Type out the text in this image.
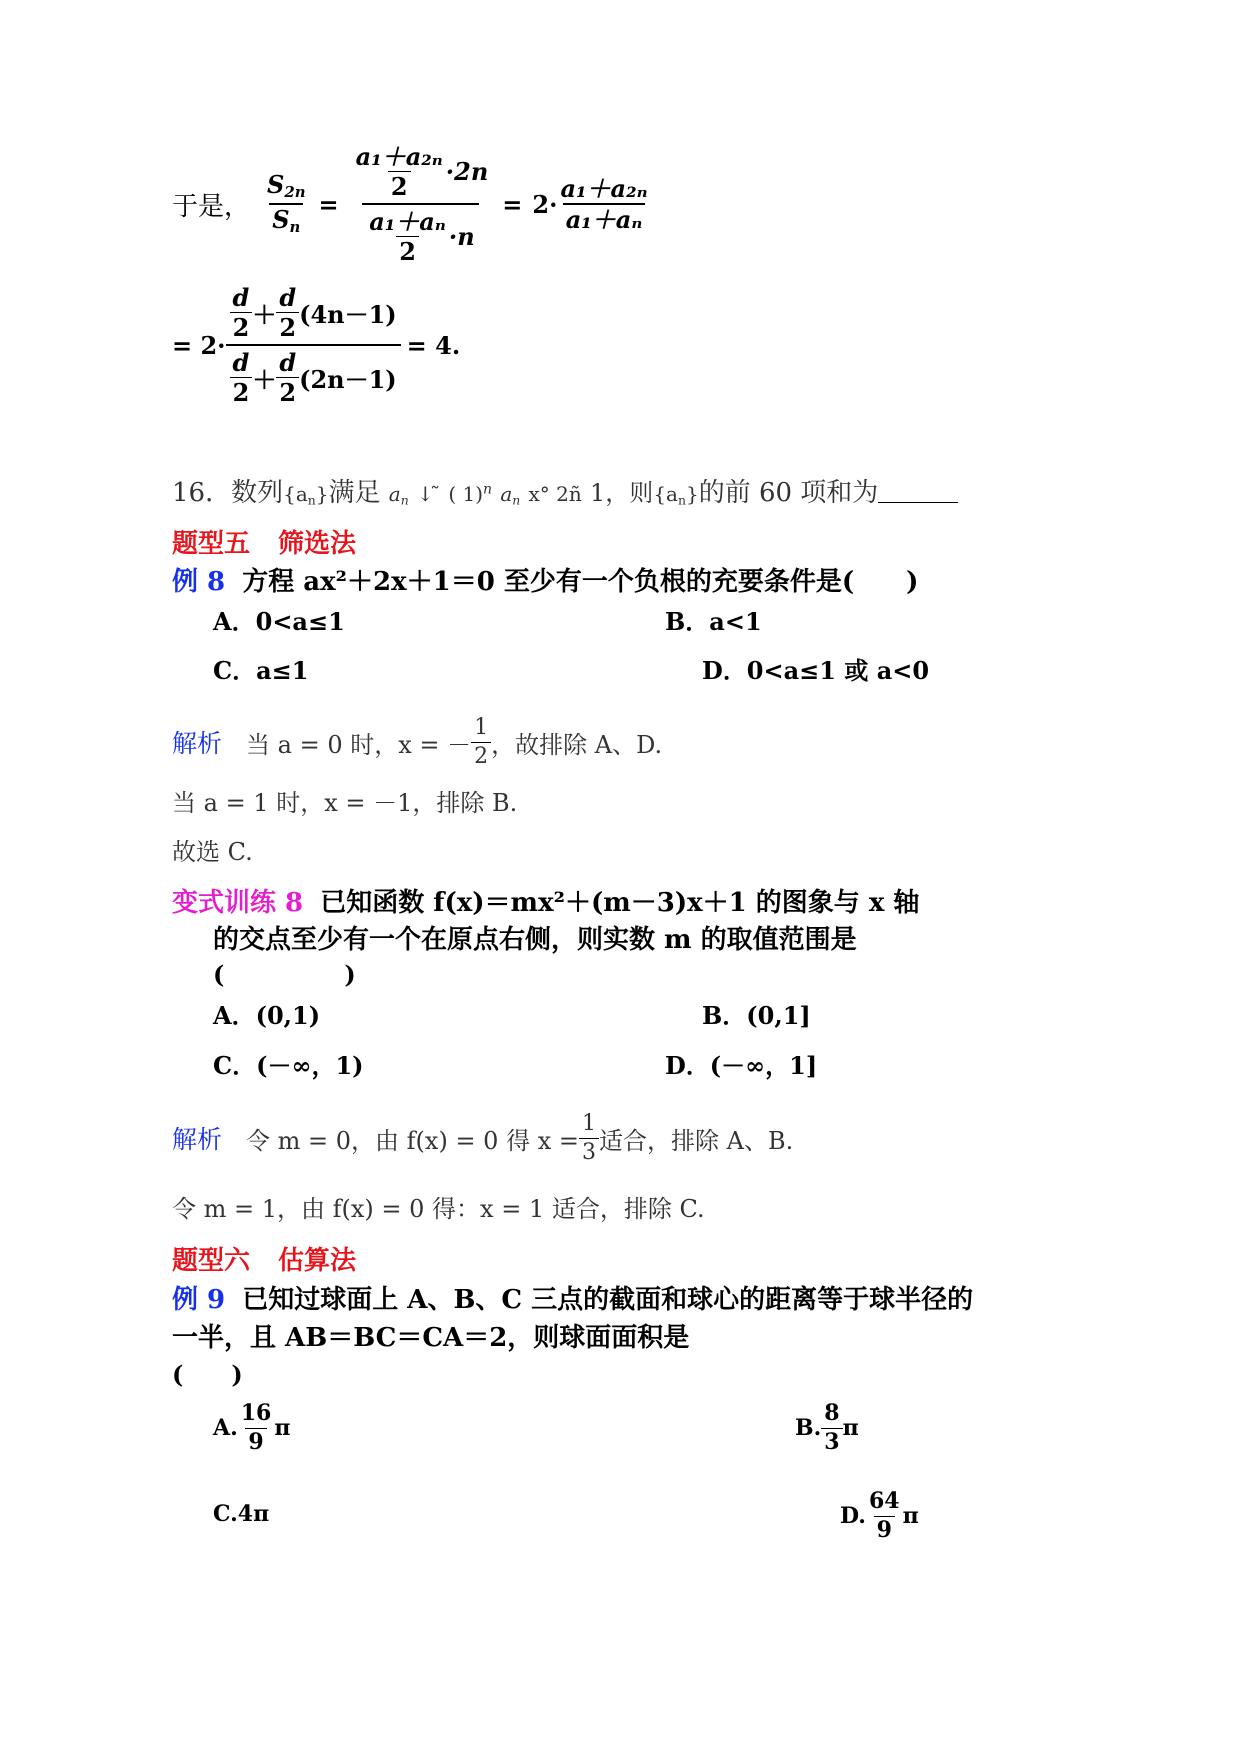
于是， $\frac{S_{2n}}{S_n} = \frac{\frac{\text{a₁＋a₂ₙ}}{2} \cdot 2n}{\frac{\text{a₁＋aₙ}}{2} \cdot n} = 2\cdot \frac{\text{a₁＋a₂ₙ}}{\text{a₁＋aₙ}}$
= $2\cdot \frac{\frac{d}{2} + \frac{d}{2} (4n-1)}{\frac{d}{2} + \frac{d}{2} (2n-1)} = 4$.
16．数列$\{a_n\}$满足 $a_n$ ↓ ̃ ( 1)$^n$ $a_n$ ⅹ° 2n 1，则$\{a_n\}$的前 60 项和为
题型五 筛选法
例 8 方程 ax²＋2x＋1＝0 至少有一个负根的充要条件是(　　)
A．0<a≤1	B．a<1
C．a≤1	D．0<a≤1 或 a<0
解析 当 a = 0 时，x = － $\frac{1}{2}$ ，故排除 A、D.
当 a = 1 时，x = －1，排除 B.
故选 C.
变式训练 8 已知函数 f(x)＝mx²＋(m－3)x＋1 的图象与 x 轴
的交点至少有一个在原点右侧，则实数 m 的取值范围是
(　　　　　)
A．(0,1)	B．(0,1]
C．(－∞，1)	D．(－∞，1]
解析 令 m = 0，由 f(x) = 0 得 $x = \frac{1}{3}$ 适合，排除 A、B.
令 m = 1，由 f(x) = 0 得：x = 1 适合，排除 C.
题型六 估算法
例 9 已知过球面上 A、B、C 三点的截面和球心的距离等于球半径的
一半，且 AB＝BC＝CA＝2，则球面面积是
(　　)
A. $\frac{16}{9}$ π	B. $\frac{8}{3}$ π
C.4π	D. $\frac{64}{9}$ π
